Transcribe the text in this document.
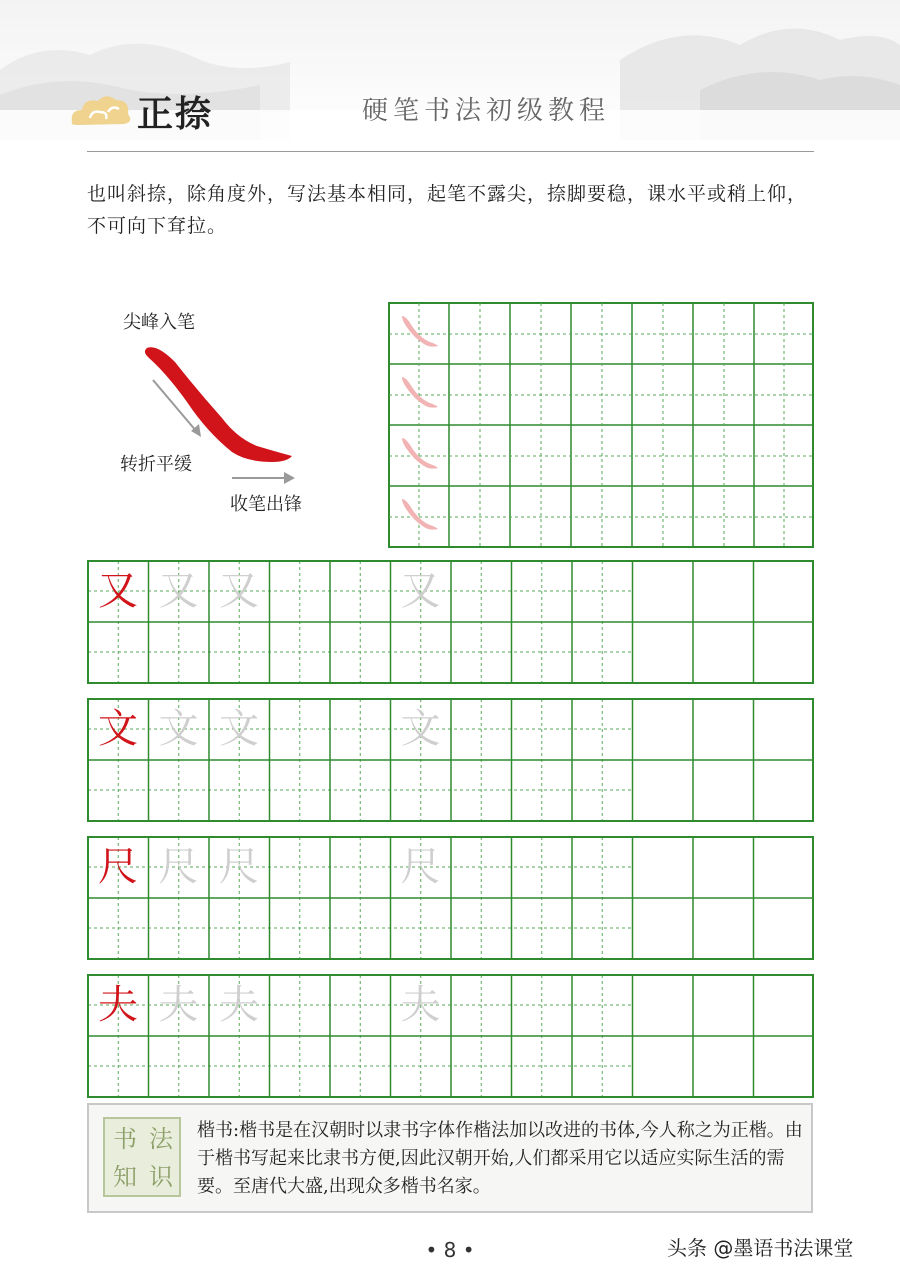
正捺	硬笔书法初级教程
也叫斜捺，除角度外，写法基本相同，起笔不露尖，捺脚要稳，课水平或稍上仰，不可向下耷拉。
尖峰入笔
转折平缓
收笔出锋
又 又 又	又
文 文 文	文
尺 尺 尺	尺
夫 夫 夫	夫
书 法
知 识
楷书:楷书是在汉朝时以隶书字体作楷法加以改进的书体,今人称之为正楷。由于楷书写起来比隶书方便,因此汉朝开始,人们都采用它以适应实际生活的需要。至唐代大盛,出现众多楷书名家。
• 8 •	头条 @墨语书法课堂
